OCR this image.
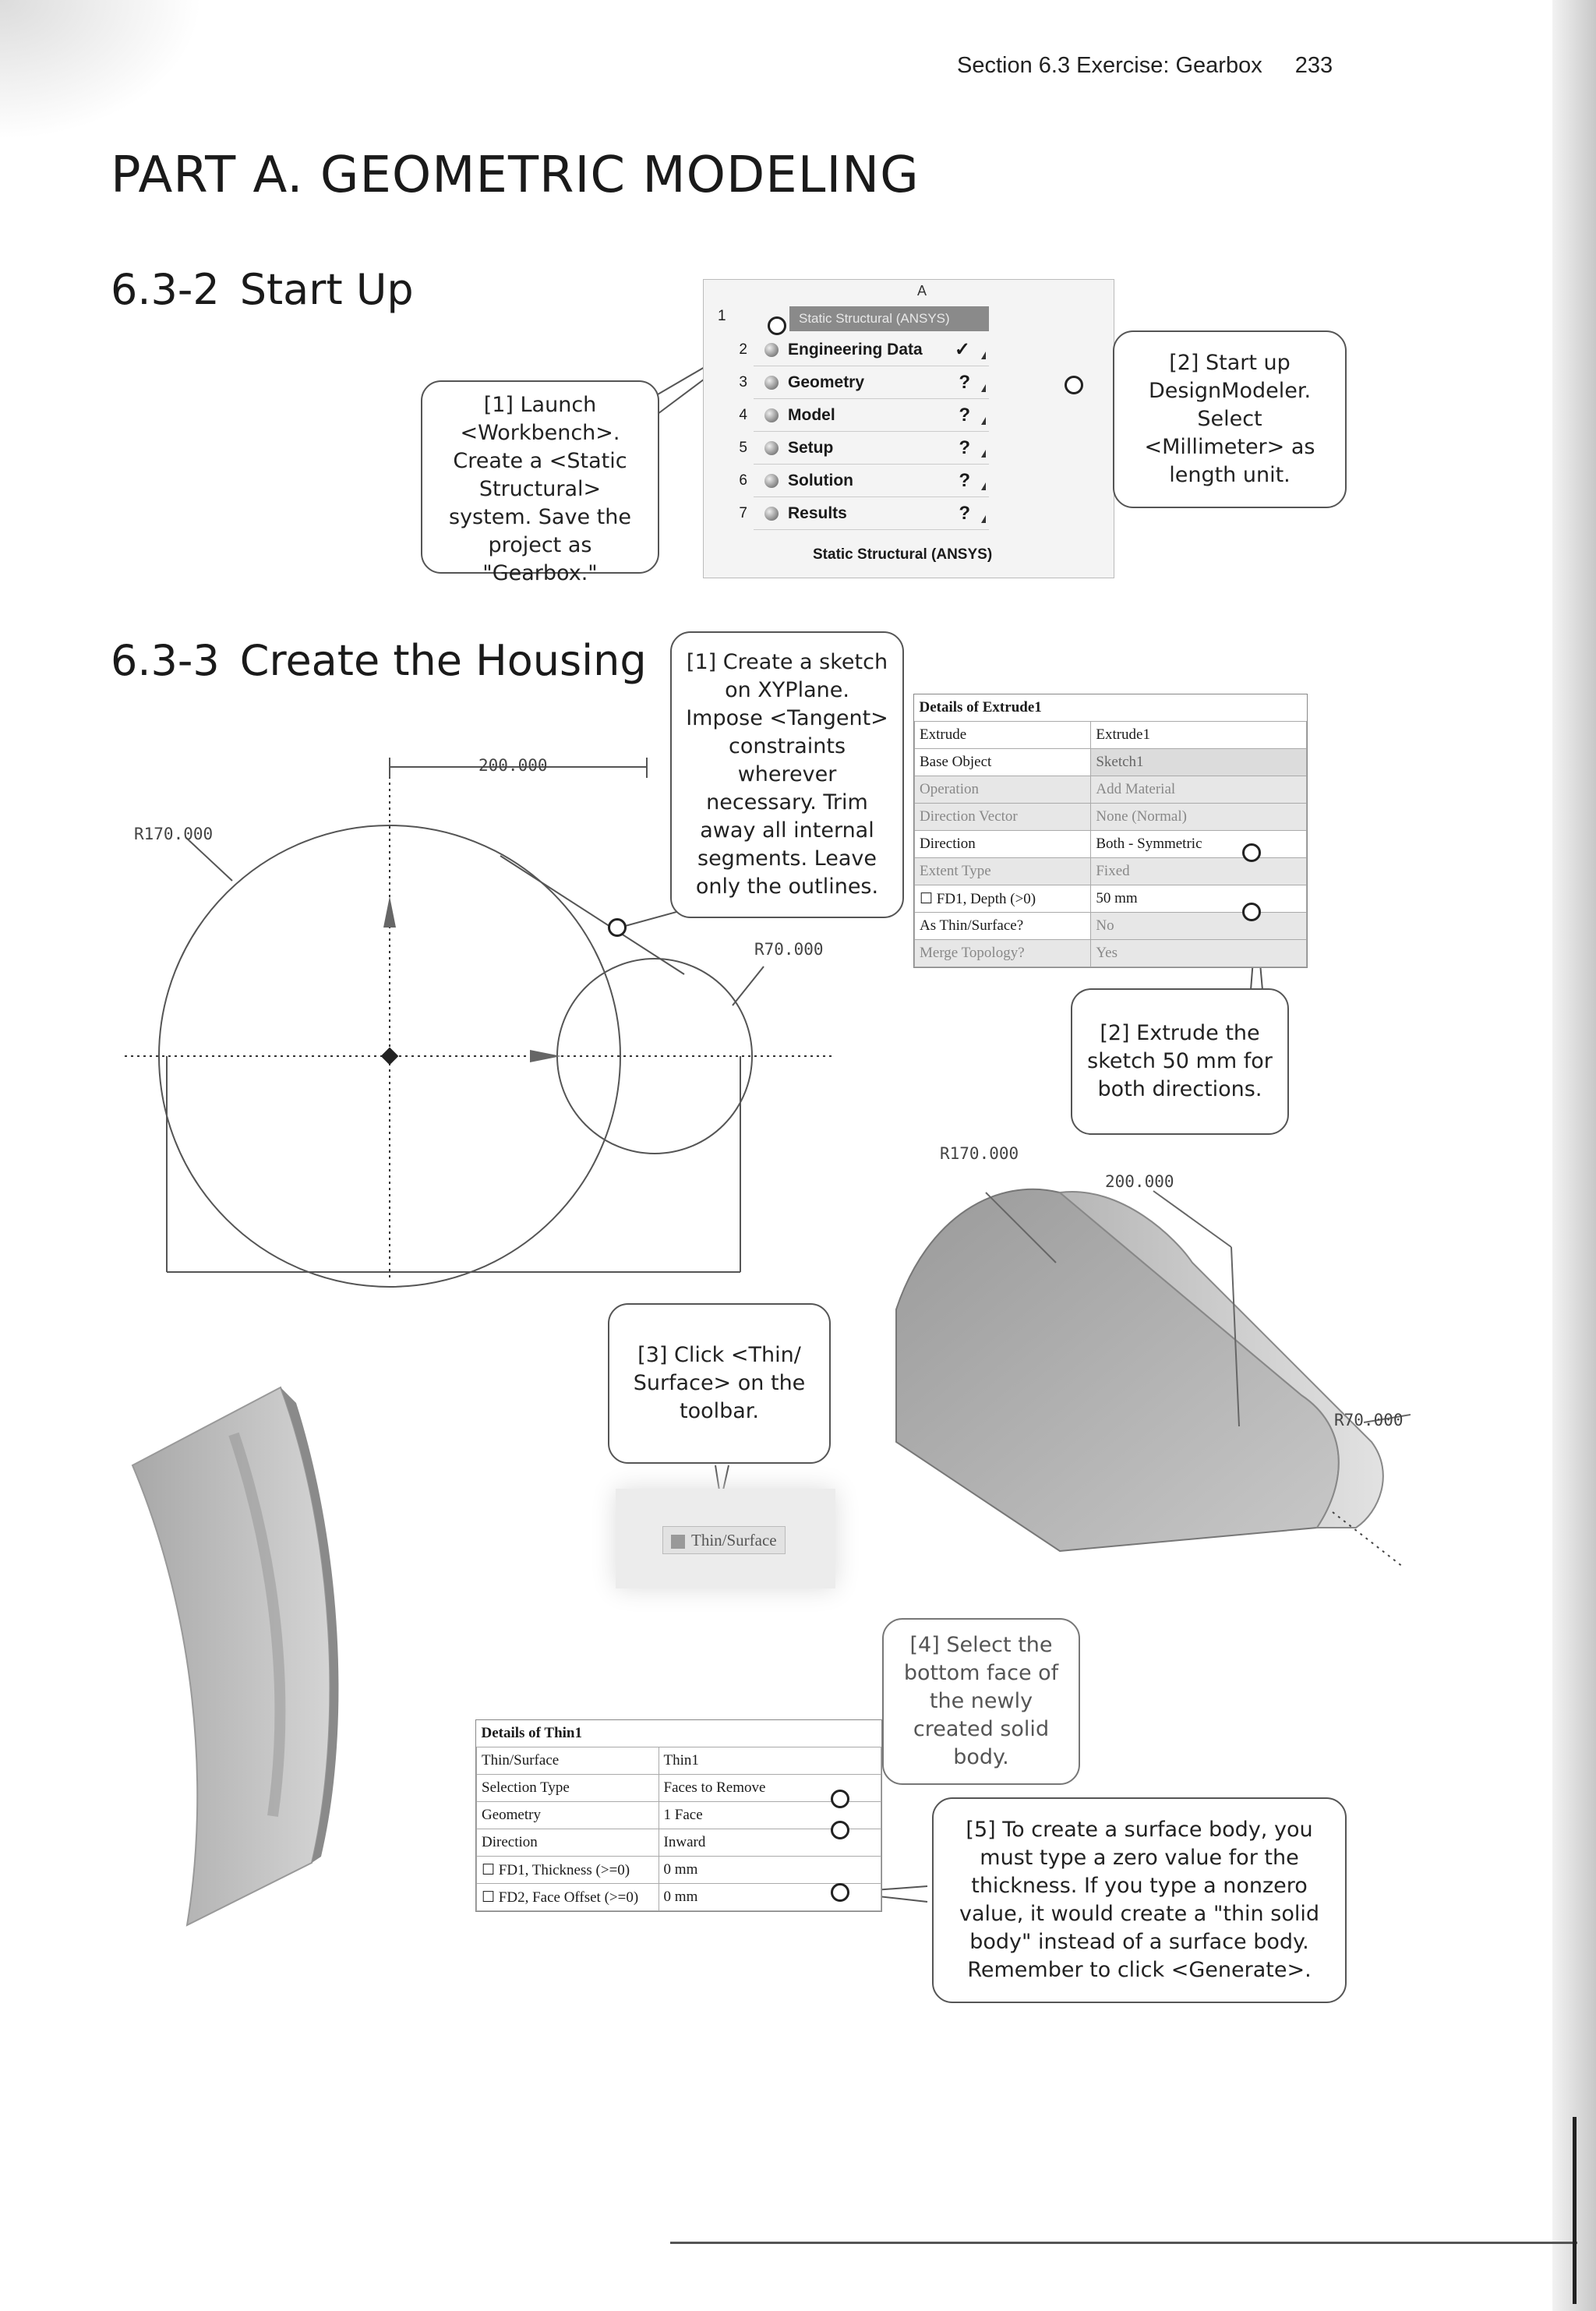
Section 6.3 Exercise: Gearbox 233
PART A. GEOMETRIC MODELING
6.3-2 Start Up
6.3-3 Create the Housing
A
1	Static Structural (ANSYS)
2 Engineering Data ✓
3 Geometry	?
4 Model	?
5 Setup	?
6 Solution	?
7 Results	?
Static Structural (ANSYS)
[1] Launch <Workbench>. Create a <Static Structural> system. Save the project as "Gearbox."
[2] Start up DesignModeler. Select <Millimeter> as length unit.
200.000
R170.000
R70.000
[1] Create a sketch on XYPlane. Impose <Tangent> constraints wherever necessary. Trim away all internal segments. Leave only the outlines.
Details of Extrude1	
Extrude	Extrude1
Base Object	Sketch1
Operation	Add Material
Direction Vector	None (Normal)
Direction	Both - Symmetric
Extent Type	Fixed
☐ FD1, Depth (>0)	50 mm
As Thin/Surface?	No
Merge Topology?	Yes
[2] Extrude the sketch 50 mm for both directions.
R170.000
200.000
R70.000
[3] Click <Thin/ Surface> on the toolbar.
Thin/Surface
Details of Thin1	
Thin/Surface	Thin1
Selection Type	Faces to Remove
Geometry	1 Face
Direction	Inward
☐ FD1, Thickness (>=0)	0 mm
☐ FD2, Face Offset (>=0)	0 mm
[4] Select the bottom face of the newly created solid body.
[5] To create a surface body, you must type a zero value for the thickness. If you type a nonzero value, it would create a "thin solid body" instead of a surface body. Remember to click <Generate>.
